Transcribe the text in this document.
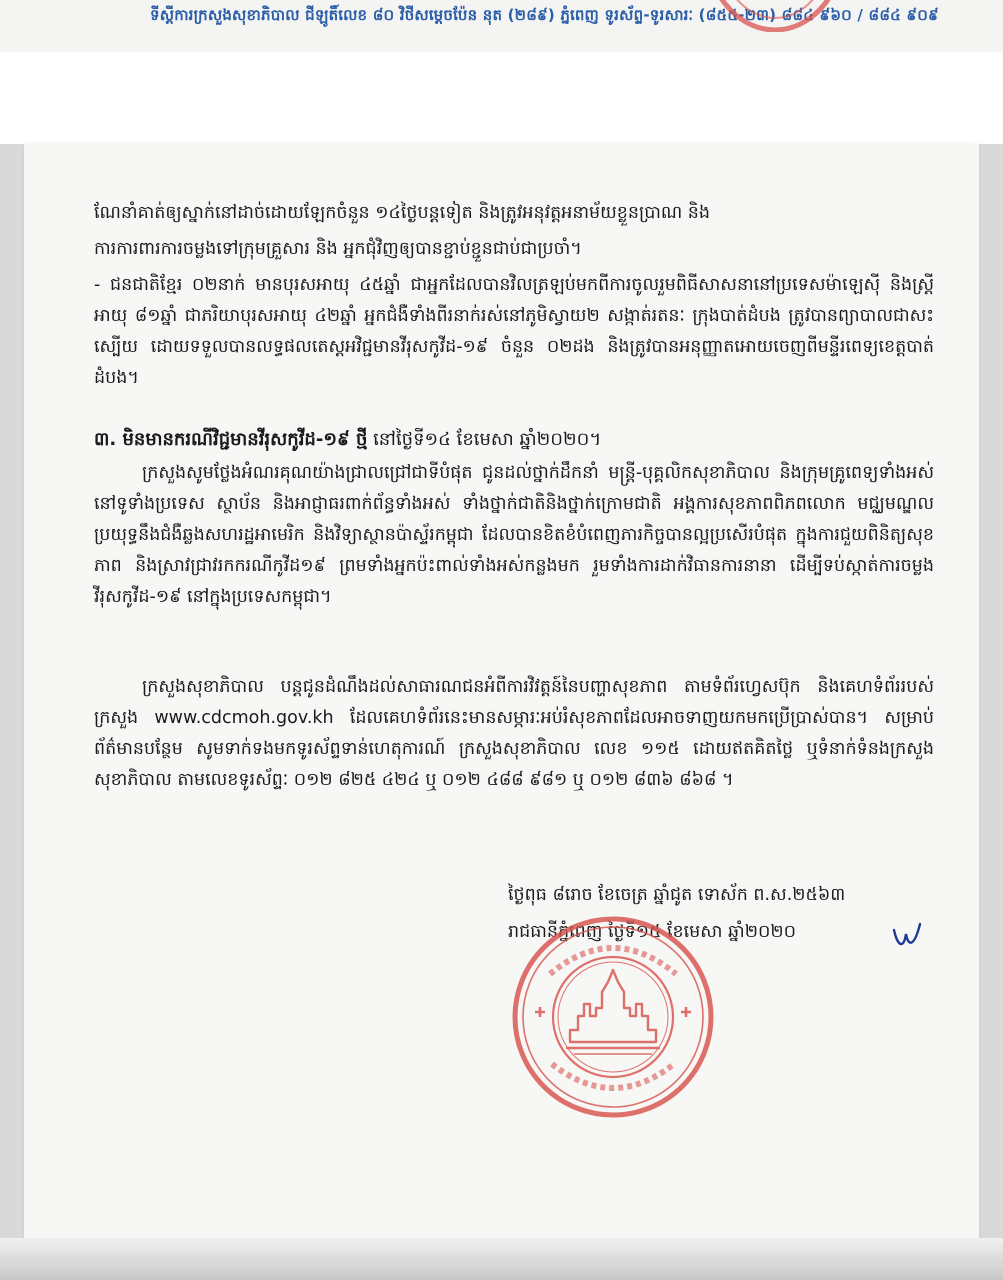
ទីស្តីការក្រសួងសុខាភិបាល ជីឡូតិ៍លេខ ៨០ វិថីសម្តេចប៉ែន នុត (២៨៩) ភ្នំពេញ ទូរស័ព្ទ-ទូរសារៈ (៨៥៥-២៣) ៨៨៤ ៩៦០ / ៨៨៤ ៩០៩
ណែនាំគាត់ឲ្យស្នាក់នៅដាច់ដោយឡែកចំនួន ១៤ថ្ងៃបន្តទៀត និងត្រូវអនុវត្តអនាម័យខ្លួនប្រាណ និង
ការការពារការចម្លងទៅក្រុមគ្រួសារ និង អ្នកជុំវិញឲ្យបានខ្ជាប់ខ្ជួនជាប់ជាប្រចាំ។
- ជនជាតិខ្មែរ ០២នាក់ មានបុរសអាយុ ៤៥ឆ្នាំ ជាអ្នកដែលបានវិលត្រឡប់មកពីការចូលរួមពិធីសាសនានៅប្រទេសម៉ាឡេស៊ី និងស្ត្រីអាយុ ៨១ឆ្នាំ ជាភរិយាបុរសអាយុ ៤២ឆ្នាំ អ្នកជំងឺទាំងពីរនាក់រស់នៅភូមិស្វាយ២ សង្កាត់រតនៈ ក្រុងបាត់ដំបង ត្រូវបានព្យាបាលជាសះស្បើយ ដោយទទួលបានលទ្ធផលតេស្តអវិជ្ជមានវីរុសកូវីដ-១៩ ចំនួន ០២ដង និងត្រូវបានអនុញ្ញាតអោយចេញពីមន្ទីរពេទ្យខេត្តបាត់ដំបង។
៣. មិនមានករណីវិជ្ជមានវីរុសកូវីដ-១៩ ថ្មី នៅថ្ងៃទី១៤ ខែមេសា ឆ្នាំ២០២០។
ក្រសួងសូមថ្លែងអំណរគុណយ៉ាងជ្រាលជ្រៅជាទីបំផុត ជូនដល់ថ្នាក់ដឹកនាំ មន្ត្រី-បុគ្គលិកសុខាភិបាល និងក្រុមគ្រូពេទ្យទាំងអស់នៅទូទាំងប្រទេស ស្ថាប័ន និងអាជ្ញាធរពាក់ព័ន្ធទាំងអស់ ទាំងថ្នាក់ជាតិនិងថ្នាក់ក្រោមជាតិ អង្គការសុខភាពពិភពលោក មជ្ឈមណ្ឌលប្រយុទ្ធនឹងជំងឺឆ្លងសហរដ្ឋអាមេរិក និងវិទ្យាស្ថានប៉ាស្ទ័រកម្ពុជា ដែលបានខិតខំបំពេញភារកិច្ចបានល្អប្រសើរបំផុត ក្នុងការជួយពិនិត្យសុខភាព និងស្រាវជ្រាវរកករណីកូវីដ១៩ ព្រមទាំងអ្នកប៉ះពាល់ទាំងអស់កន្លងមក រួមទាំងការដាក់វិធានការនានា ដើម្បីទប់ស្កាត់ការចម្លងវីរុសកូវីដ-១៩ នៅក្នុងប្រទេសកម្ពុជា។
ក្រសួងសុខាភិបាល បន្តជូនដំណឹងដល់សាធារណជនអំពីការវិវត្តន៍នៃបញ្ហាសុខភាព តាមទំព័រហ្វេសប៊ុក និងគេហទំព័ររបស់ក្រសួង www.cdcmoh.gov.kh ដែលគេហទំព័រនេះមានសម្ភារៈអប់រំសុខភាពដែលអាចទាញយកមកប្រើប្រាស់បាន។ សម្រាប់ព័ត៌មានបន្ថែម សូមទាក់ទងមកទូរស័ព្ទទាន់ហេតុការណ៍ ក្រសួងសុខាភិបាល លេខ ១១៥ ដោយឥតគិតថ្លៃ ឬទំនាក់ទំនងក្រសួងសុខាភិបាល តាមលេខទូរស័ព្ទៈ ០១២ ៨២៥ ៤២៤ ឬ ០១២ ៤៨៨ ៩៨១ ឬ ០១២ ៨៣៦ ៨៦៨ ។
ថ្ងៃពុធ ៨រោច ខែចេត្រ ឆ្នាំជូត ទោស័ក ព.ស.២៥៦៣
រាជធានីភ្នំពេញ ថ្ងៃទី១៥ ខែមេសា ឆ្នាំ២០២០
